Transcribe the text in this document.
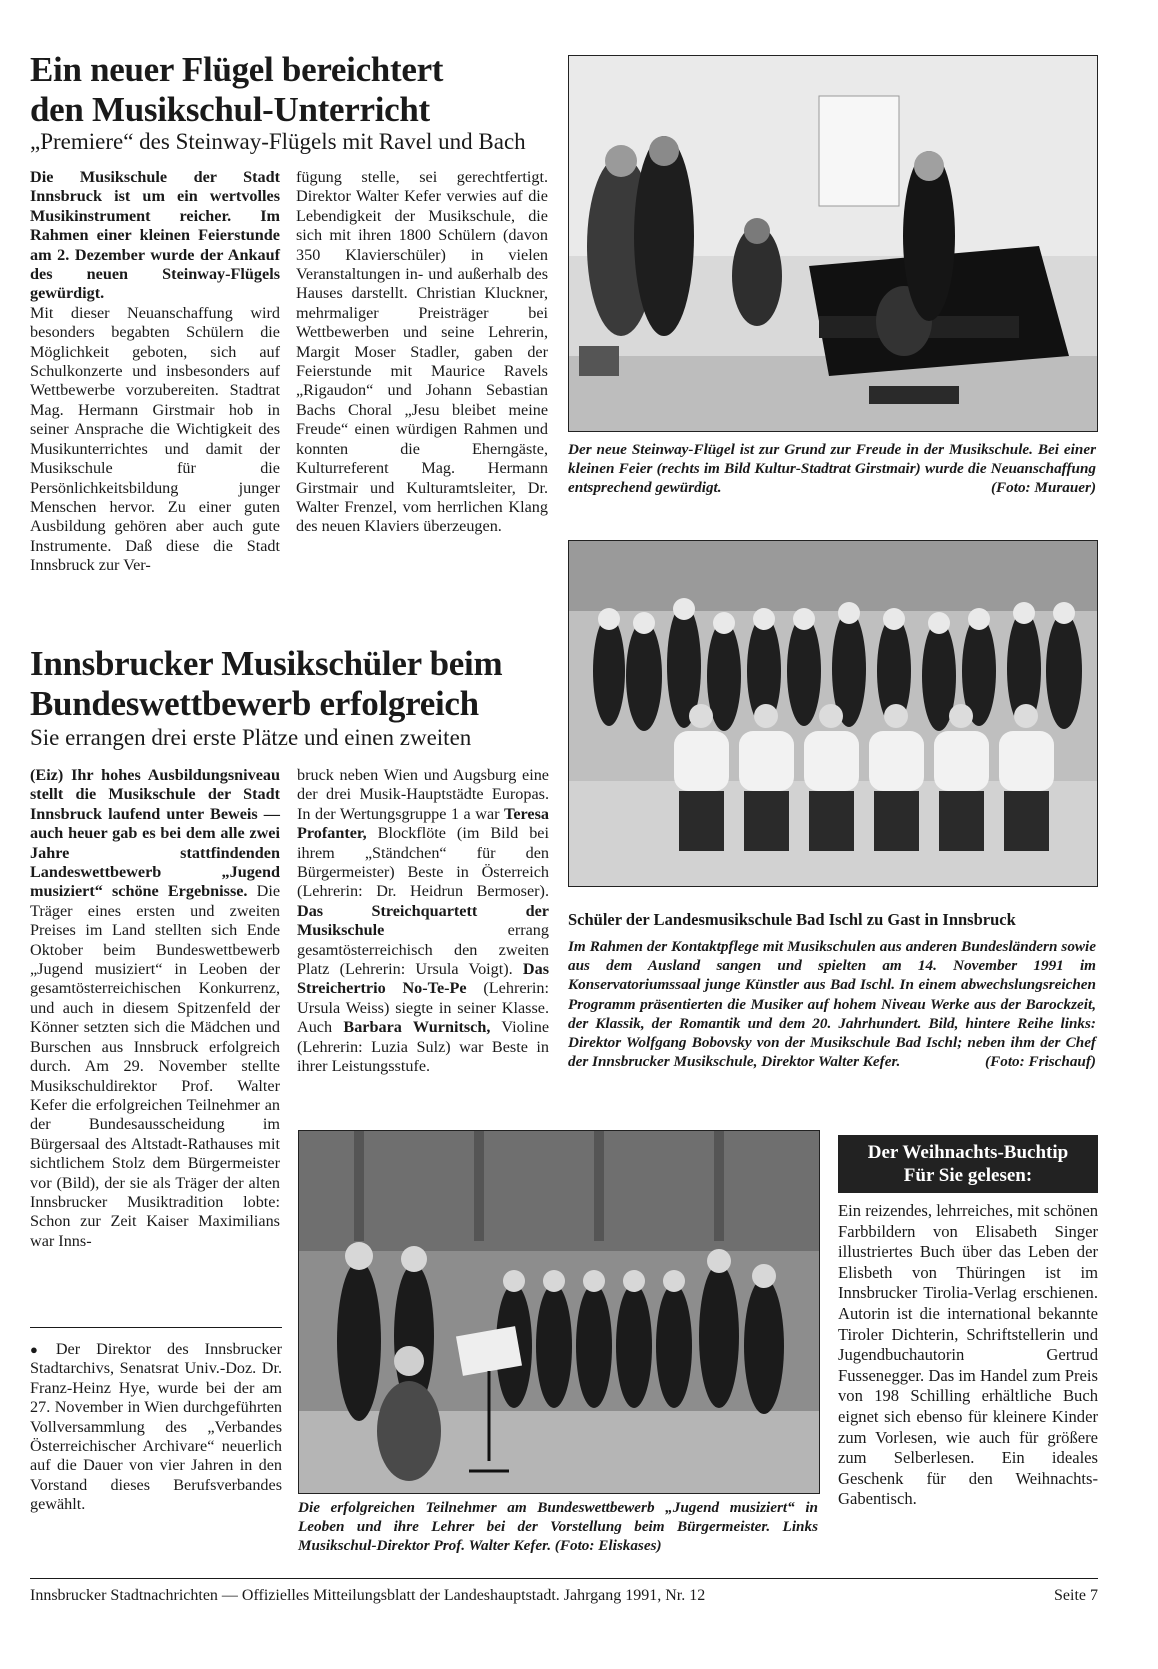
Ein neuer Flügel bereichtert
den Musikschul-Unterricht
„Premiere“ des Steinway-Flügels mit Ravel und Bach

Die Musikschule der Stadt Innsbruck ist um ein wertvolles Musikinstrument reicher. Im Rahmen einer kleinen Feierstunde am 2. Dezember wurde der Ankauf des neuen Steinway-Flügels gewürdigt.

Mit dieser Neuanschaffung wird besonders begabten Schülern die Möglichkeit geboten, sich auf Schulkonzerte und insbesonders auf Wettbewerbe vorzubereiten. Stadtrat Mag. Hermann Girstmair hob in seiner Ansprache die Wichtigkeit des Musikunterrichtes und damit der Musikschule für die Persönlichkeitsbildung junger Menschen hervor. Zu einer guten Ausbildung gehören aber auch gute Instrumente. Daß diese die Stadt Innsbruck zur Ver-

fügung stelle, sei gerechtfertigt. Direktor Walter Kefer verwies auf die Lebendigkeit der Musikschule, die sich mit ihren 1800 Schülern (davon 350 Klavierschüler) in vielen Veranstaltungen in- und außerhalb des Hauses darstellt. Christian Kluckner, mehrmaliger Preisträger bei Wettbewerben und seine Lehrerin, Margit Moser Stadler, gaben der Feierstunde mit Maurice Ravels „Rigaudon“ und Johann Sebastian Bachs Choral „Jesu bleibet meine Freude“ einen würdigen Rahmen und konnten die Eherngäste, Kulturreferent Mag. Hermann Girstmair und Kulturamtsleiter, Dr. Walter Frenzel, vom herrlichen Klang des neuen Klaviers überzeugen.

Der neue Steinway-Flügel ist zur Grund zur Freude in der Musikschule. Bei einer kleinen Feier (rechts im Bild Kultur-Stadtrat Girstmair) wurde die Neuanschaffung entsprechend gewürdigt.	(Foto: Murauer)
Innsbrucker Musikschüler beim
Bundeswettbewerb erfolgreich
Sie errangen drei erste Plätze und einen zweiten

(Eiz) Ihr hohes Ausbildungsniveau stellt die Musikschule der Stadt Innsbruck laufend unter Beweis — auch heuer gab es bei dem alle zwei Jahre stattfindenden Landeswettbewerb „Jugend musiziert“ schöne Ergebnisse. Die Träger eines ersten und zweiten Preises im Land stellten sich Ende Oktober beim Bundeswettbewerb „Jugend musiziert“ in Leoben der gesamtösterreichischen Konkurrenz, und auch in diesem Spitzenfeld der Könner setzten sich die Mädchen und Burschen aus Innsbruck erfolgreich durch. Am 29. November stellte Musikschuldirektor Prof. Walter Kefer die erfolgreichen Teilnehmer an der Bundesausscheidung im Bürgersaal des Altstadt-Rathauses mit sichtlichem Stolz dem Bürgermeister vor (Bild), der sie als Träger der alten Innsbrucker Musiktradition lobte: Schon zur Zeit Kaiser Maximilians war Inns-

bruck neben Wien und Augsburg eine der drei Musik-Hauptstädte Europas. In der Wertungsgruppe 1 a war Teresa Profanter, Blockflöte (im Bild bei ihrem „Ständchen“ für den Bürgermeister) Beste in Österreich (Lehrerin: Dr. Heidrun Bermoser). Das Streichquartett der Musikschule errang gesamtösterreichisch den zweiten Platz (Lehrerin: Ursula Voigt). Das Streichertrio No-Te-Pe (Lehrerin: Ursula Weiss) siegte in seiner Klasse. Auch Barbara Wurnitsch, Violine (Lehrerin: Luzia Sulz) war Beste in ihrer Leistungsstufe.

● Der Direktor des Innsbrucker Stadtarchivs, Senatsrat Univ.-Doz. Dr. Franz-Heinz Hye, wurde bei der am 27. November in Wien durchgeführten Vollversammlung des „Verbandes Österreichischer Archivare“ neuerlich auf die Dauer von vier Jahren in den Vorstand dieses Berufsverbandes gewählt.

Schüler der Landesmusikschule Bad Ischl zu Gast in Innsbruck
Im Rahmen der Kontaktpflege mit Musikschulen aus anderen Bundesländern sowie aus dem Ausland sangen und spielten am 14. November 1991 im Konservatoriumssaal junge Künstler aus Bad Ischl. In einem abwechslungsreichen Programm präsentierten die Musiker auf hohem Niveau Werke aus der Barockzeit, der Klassik, der Romantik und dem 20. Jahrhundert. Bild, hintere Reihe links: Direktor Wolfgang Bobovsky von der Musikschule Bad Ischl; neben ihm der Chef der Innsbrucker Musikschule, Direktor Walter Kefer.	(Foto: Frischauf)
Die erfolgreichen Teilnehmer am Bundeswettbewerb „Jugend musiziert“ in Leoben und ihre Lehrer bei der Vorstellung beim Bürgermeister. Links Musikschul-Direktor Prof. Walter Kefer. (Foto: Eliskases)
Der Weihnachts-Buchtip
Für Sie gelesen:
Ein reizendes, lehrreiches, mit schönen Farbbildern von Elisabeth Singer illustriertes Buch über das Leben der Elisbeth von Thüringen ist im Innsbrucker Tirolia-Verlag erschienen. Autorin ist die international bekannte Tiroler Dichterin, Schriftstellerin und Jugendbuchautorin Gertrud Fussenegger. Das im Handel zum Preis von 198 Schilling erhältliche Buch eignet sich ebenso für kleinere Kinder zum Vorlesen, wie auch für größere zum Selberlesen. Ein ideales Geschenk für den Weihnachts-Gabentisch.
Innsbrucker Stadtnachrichten — Offizielles Mitteilungsblatt der Landeshauptstadt. Jahrgang 1991, Nr. 12	Seite 7
